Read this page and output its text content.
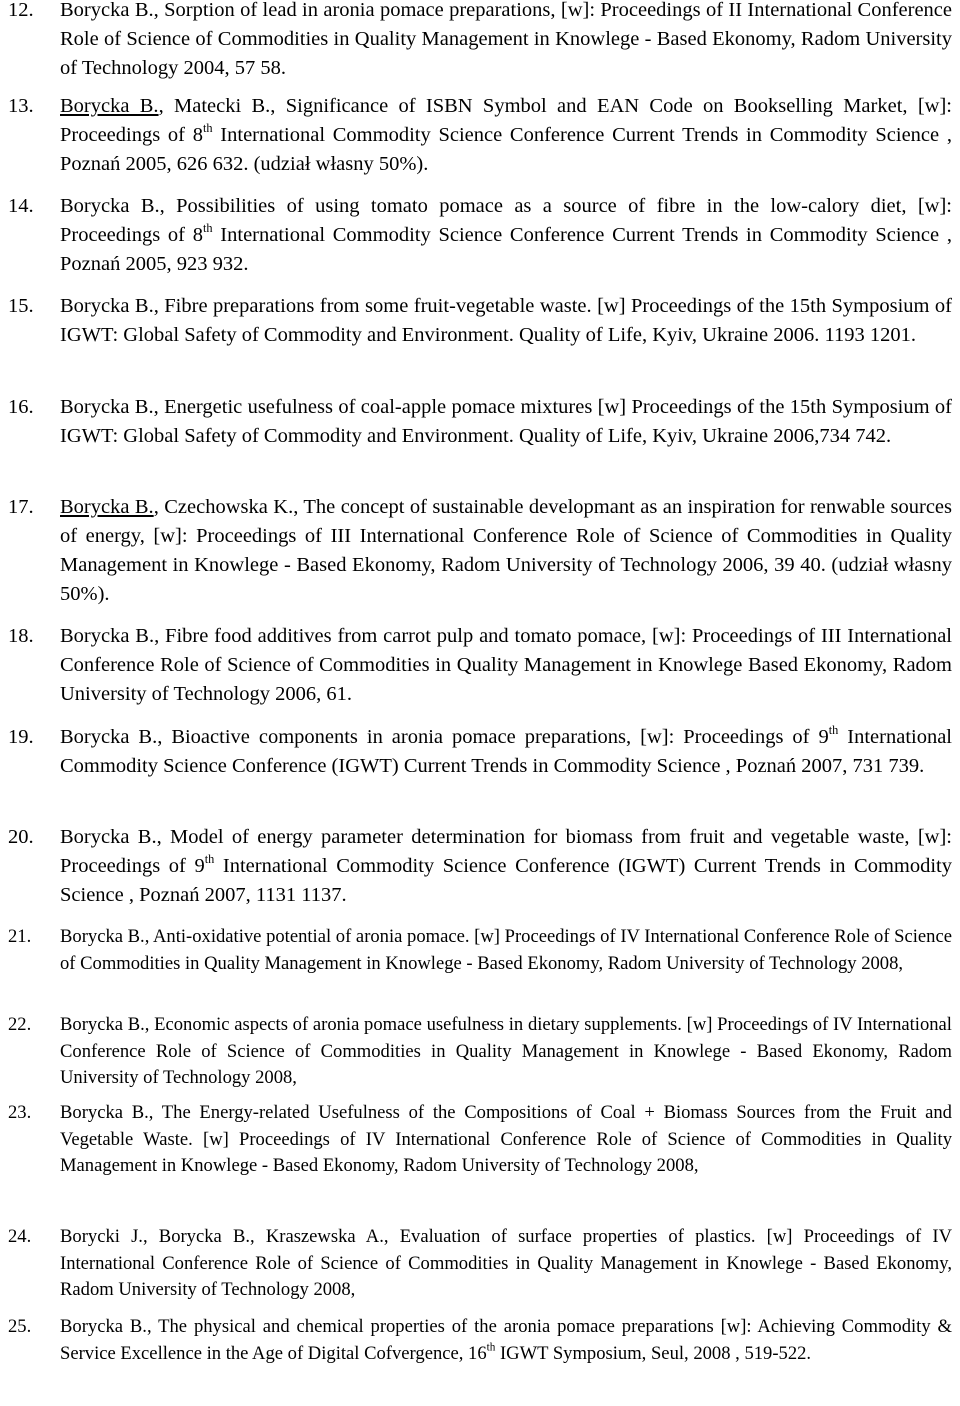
12.	Borycka B., Sorption of lead in aronia pomace preparations, [w]: Proceedings of II International Conference Role of Science of Commodities in Quality Management in Knowlege - Based Ekonomy, Radom University of Technology 2004, 57 58.
13.	Borycka B., Matecki B., Significance of ISBN Symbol and EAN Code on Bookselling Market, [w]: Proceedings of 8th International Commodity Science Conference Current Trends in Commodity Science , Poznań 2005, 626 632. (udział własny 50%).
14.	Borycka B., Possibilities of using tomato pomace as a source of fibre in the low-calory diet, [w]: Proceedings of 8th International Commodity Science Conference Current Trends in Commodity Science , Poznań 2005, 923 932.
15.	Borycka B., Fibre preparations from some fruit-vegetable waste. [w] Proceedings of the 15th Symposium of IGWT: Global Safety of Commodity and Environment. Quality of Life, Kyiv, Ukraine 2006. 1193 1201.
16.	Borycka B., Energetic usefulness of coal-apple pomace mixtures [w] Proceedings of the 15th Symposium of IGWT: Global Safety of Commodity and Environment. Quality of Life, Kyiv, Ukraine 2006,734 742.
17.	Borycka B., Czechowska K., The concept of sustainable developmant as an inspiration for renwable sources of energy, [w]: Proceedings of III International Conference Role of Science of Commodities in Quality Management in Knowlege - Based Ekonomy, Radom University of Technology 2006, 39 40. (udział własny 50%).
18.	Borycka B., Fibre food additives from carrot pulp and tomato pomace, [w]: Proceedings of III International Conference Role of Science of Commodities in Quality Management in Knowlege Based Ekonomy, Radom University of Technology 2006, 61.
19.	Borycka B., Bioactive components in aronia pomace preparations, [w]: Proceedings of 9th International Commodity Science Conference (IGWT) Current Trends in Commodity Science , Poznań 2007, 731 739.
20.	Borycka B., Model of energy parameter determination for biomass from fruit and vegetable waste, [w]: Proceedings of 9th International Commodity Science Conference (IGWT) Current Trends in Commodity Science , Poznań 2007, 1131 1137.
21.	Borycka B., Anti-oxidative potential of aronia pomace. [w] Proceedings of IV International Conference Role of Science of Commodities in Quality Management in Knowlege - Based Ekonomy, Radom University of Technology 2008,
22.	Borycka B., Economic aspects of aronia pomace usefulness in dietary supplements. [w] Proceedings of IV International Conference Role of Science of Commodities in Quality Management in Knowlege - Based Ekonomy, Radom University of Technology 2008,
23.	Borycka B., The Energy-related Usefulness of the Compositions of Coal + Biomass Sources from the Fruit and Vegetable Waste. [w] Proceedings of IV International Conference Role of Science of Commodities in Quality Management in Knowlege - Based Ekonomy, Radom University of Technology 2008,
24.	Borycki J., Borycka B., Kraszewska A., Evaluation of surface properties of plastics. [w] Proceedings of IV International Conference Role of Science of Commodities in Quality Management in Knowlege - Based Ekonomy, Radom University of Technology 2008,
25.	Borycka B., The physical and chemical properties of the aronia pomace preparations [w]: Achieving Commodity & Service Excellence in the Age of Digital Cofvergence, 16th IGWT Symposium, Seul, 2008 , 519-522.
